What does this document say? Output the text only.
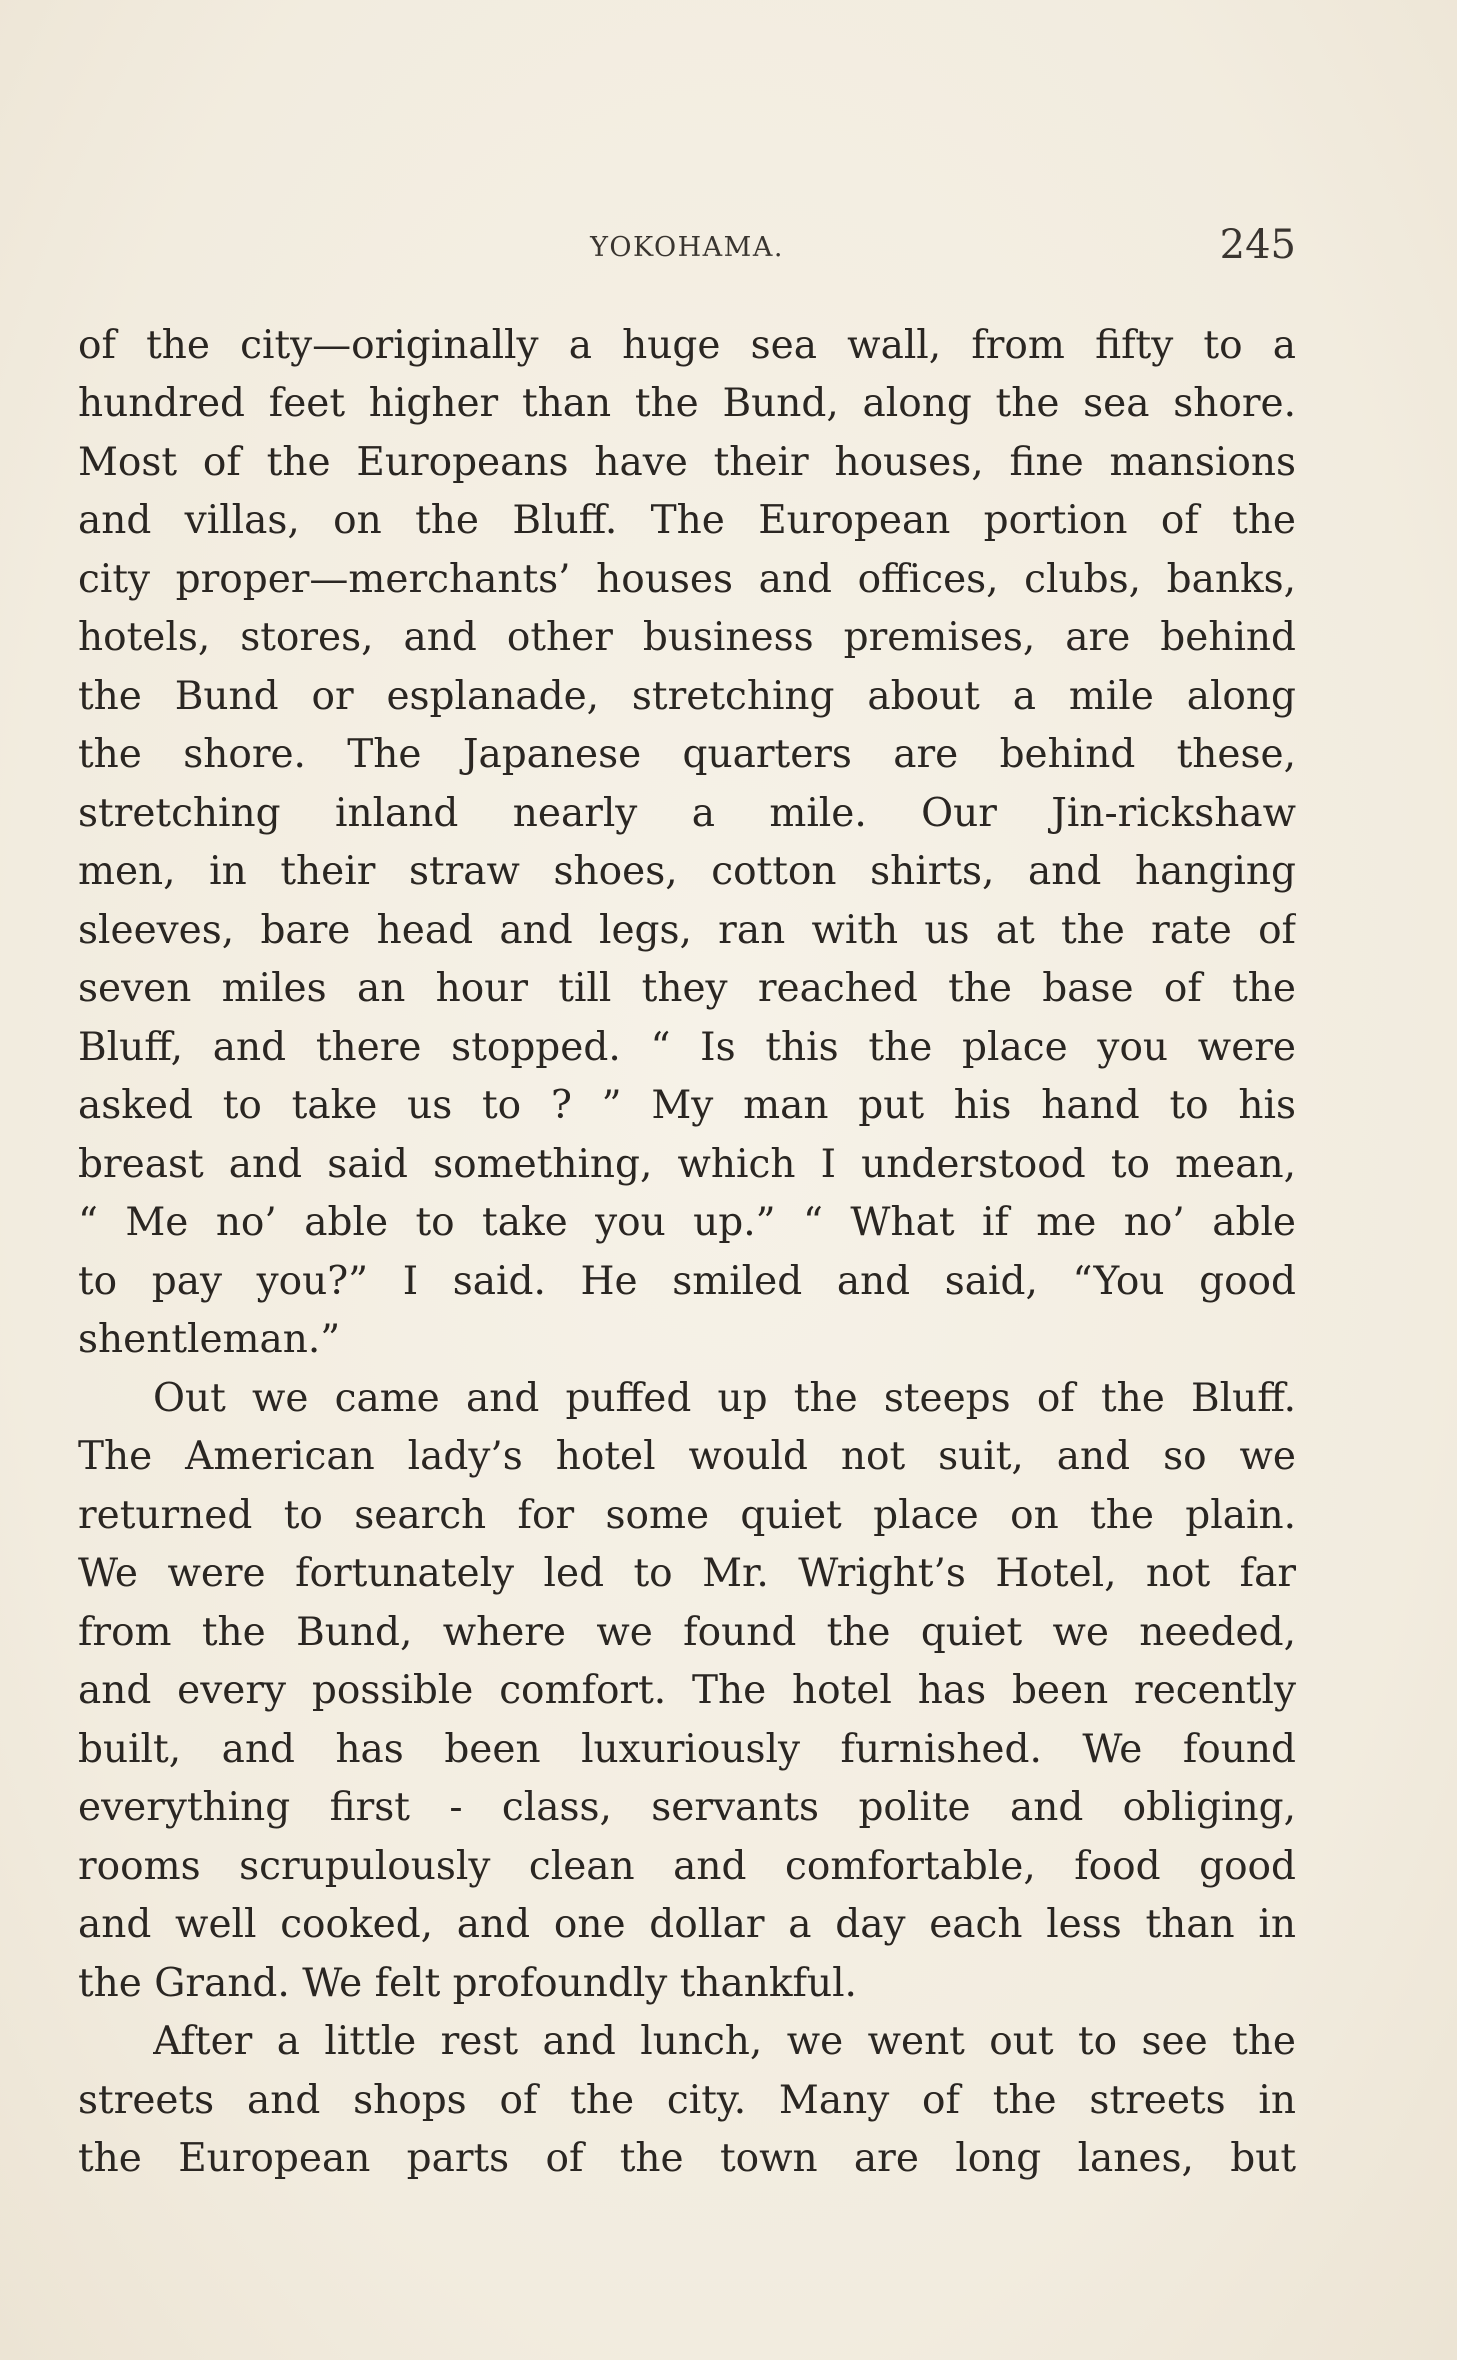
YOKOHAMA.	245
of the city—originally a huge sea wall, from fifty to a
hundred feet higher than the Bund, along the sea shore.
Most of the Europeans have their houses, fine mansions
and villas, on the Bluff. The European portion of the
city proper—merchants’ houses and offices, clubs, banks,
hotels, stores, and other business premises, are behind
the Bund or esplanade, stretching about a mile along
the shore. The Japanese quarters are behind these,
stretching inland nearly a mile. Our Jin-rickshaw
men, in their straw shoes, cotton shirts, and hanging
sleeves, bare head and legs, ran with us at the rate of
seven miles an hour till they reached the base of the
Bluff, and there stopped. “ Is this the place you were
asked to take us to ? ” My man put his hand to his
breast and said something, which I understood to mean,
“ Me no’ able to take you up.” “ What if me no’ able
to pay you?” I said. He smiled and said, “You good
shentleman.”
Out we came and puffed up the steeps of the Bluff.
The American lady’s hotel would not suit, and so we
returned to search for some quiet place on the plain.
We were fortunately led to Mr. Wright’s Hotel, not far
from the Bund, where we found the quiet we needed,
and every possible comfort. The hotel has been recently
built, and has been luxuriously furnished. We found
everything first - class, servants polite and obliging,
rooms scrupulously clean and comfortable, food good
and well cooked, and one dollar a day each less than in
the Grand. We felt profoundly thankful.
After a little rest and lunch, we went out to see the
streets and shops of the city. Many of the streets in
the European parts of the town are long lanes, but
